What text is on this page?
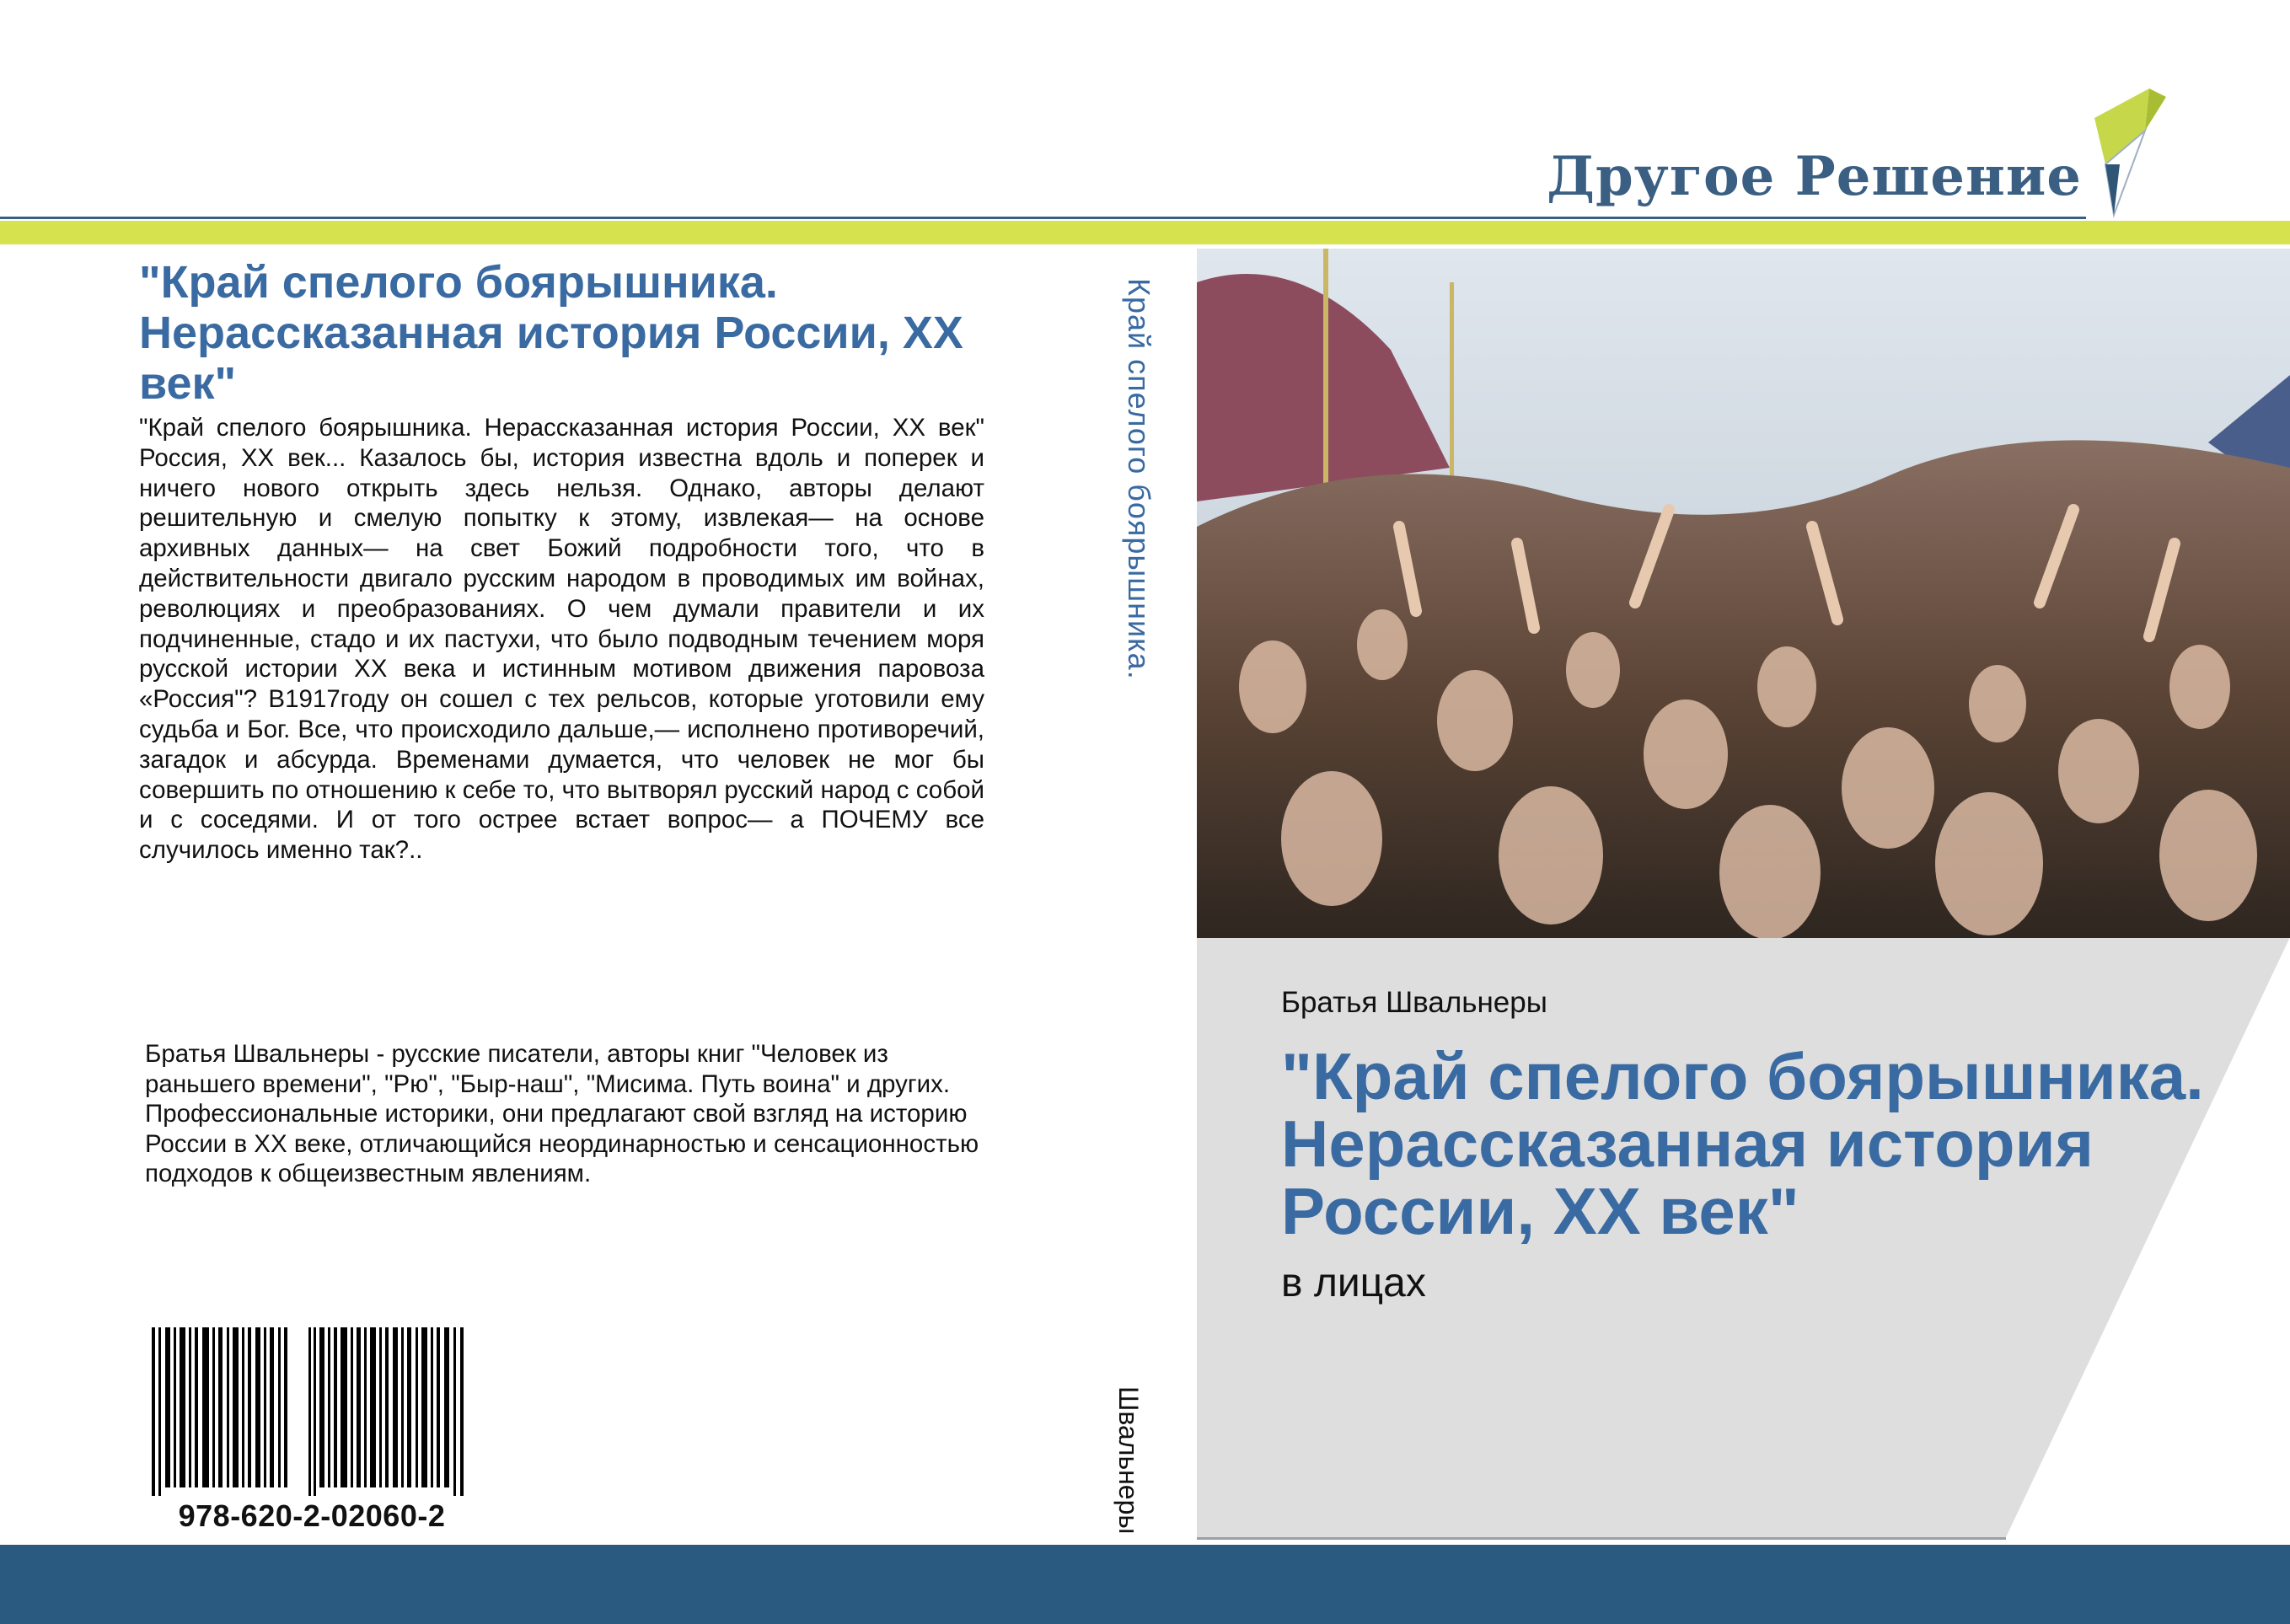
Другое Решение
"Край спелого боярышника. Нерассказанная история России, ХХ век"
"Край спелого боярышника. Нерассказанная история России, ХХ век" Россия, ХХ век... Казалось бы, история известна вдоль и поперек и ничего нового открыть здесь нельзя. Однако, авторы делают решительную и смелую попытку к этому, извлекая— на основе архивных данных— на свет Божий подробности того, что в действительности двигало русским народом в проводимых им войнах, революциях и преобразованиях. О чем думали правители и их подчиненные, стадо и их пастухи, что было подводным течением моря русской истории ХХ века и истинным мотивом движения паровоза «Россия"? В1917году он сошел с тех рельсов, которые уготовили ему судьба и Бог. Все, что происходило дальше,— исполнено противоречий, загадок и абсурда. Временами думается, что человек не мог бы совершить по отношению к себе то, что вытворял русский народ с собой и с соседями. И от того острее встает вопрос— а ПОЧЕМУ все случилось именно так?..
Братья Швальнеры - русские писатели, авторы книг "Человек из раньшего времени", "Рю", "Быр-наш", "Мисима. Путь воина" и других. Профессиональные историки, они предлагают свой взгляд на историю России в ХХ веке, отличающийся неординарностью и сенсационностью подходов к общеизвестным явлениям.
978-620-2-02060-2
Край спелого боярышника.
Швальнеры
Братья Швальнеры
"Край спелого боярышника. Нерассказанная история России, ХХ век"
в лицах
